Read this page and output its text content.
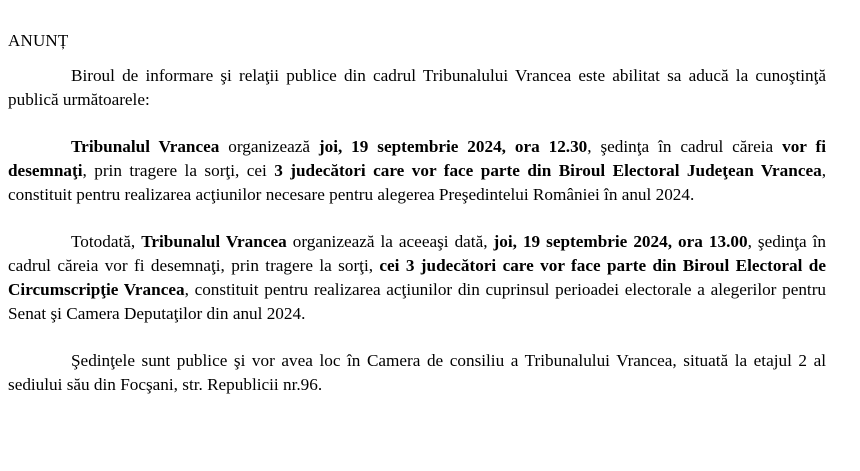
ANUNȚ

Biroul de informare şi relaţii publice din cadrul Tribunalului Vrancea este abilitat sa aducă la cunoştinţă publică următoarele:

Tribunalul Vrancea organizează joi, 19 septembrie 2024, ora 12.30, şedinţa în cadrul căreia vor fi desemnaţi, prin tragere la sorţi, cei 3 judecători care vor face parte din Biroul Electoral Judeţean Vrancea, constituit pentru realizarea acţiunilor necesare pentru alegerea Preşedintelui României în anul 2024.

Totodată, Tribunalul Vrancea organizează la aceeaşi dată, joi, 19 septembrie 2024, ora 13.00, şedinţa în cadrul căreia vor fi desemnaţi, prin tragere la sorţi, cei 3 judecători care vor face parte din Biroul Electoral de Circumscripţie Vrancea, constituit pentru realizarea acţiunilor din cuprinsul perioadei electorale a alegerilor pentru Senat şi Camera Deputaţilor din anul 2024.

Şedinţele sunt publice şi vor avea loc în Camera de consiliu a Tribunalului Vrancea, situată la etajul 2 al sediului său din Focşani, str. Republicii nr.96.
